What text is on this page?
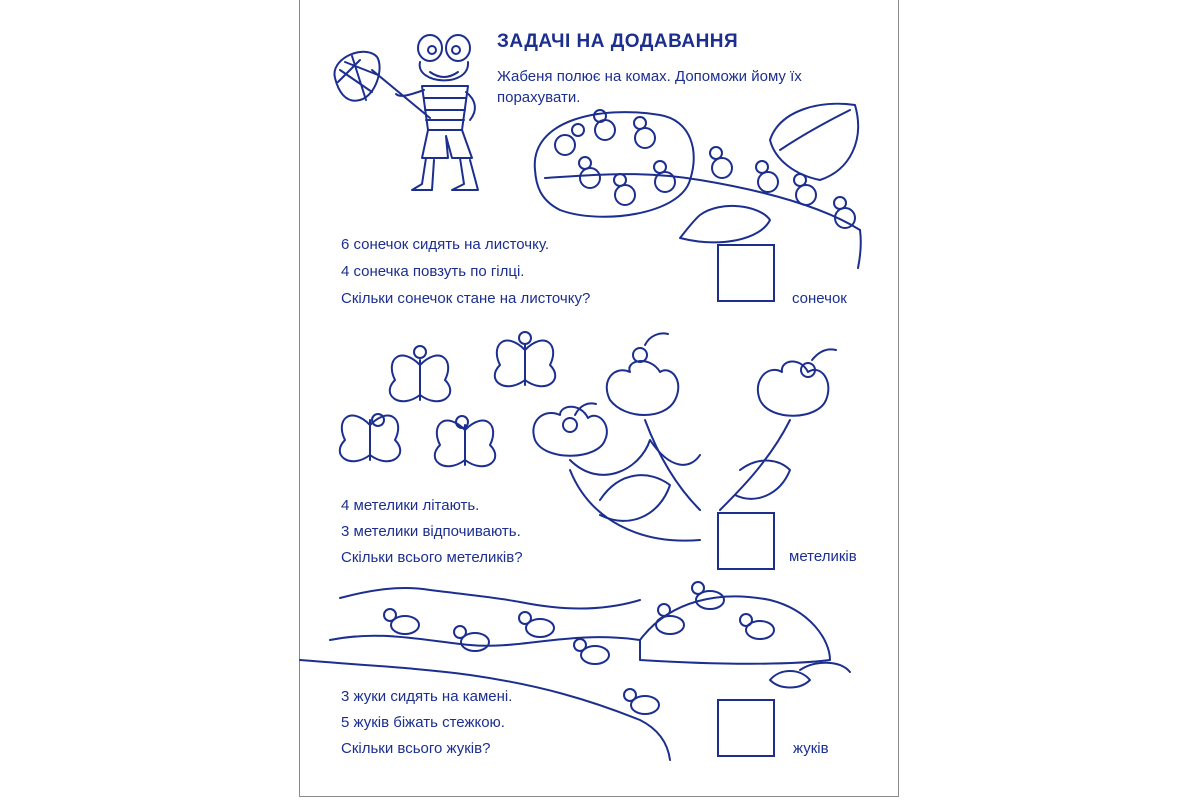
ЗАДАЧІ НА ДОДАВАННЯ
Жабеня полює на комах. Допоможи йому їх порахувати.
6 сонечок сидять на листочку.
4 сонечка повзуть по гілці.
Скільки сонечок стане на листочку?	сонечок
4 метелики літають.
3 метелики відпочивають.
Скільки всього метеликів?	метеликів
3 жуки сидять на камені.
5 жуків біжать стежкою.
Скільки всього жуків?	жуків
